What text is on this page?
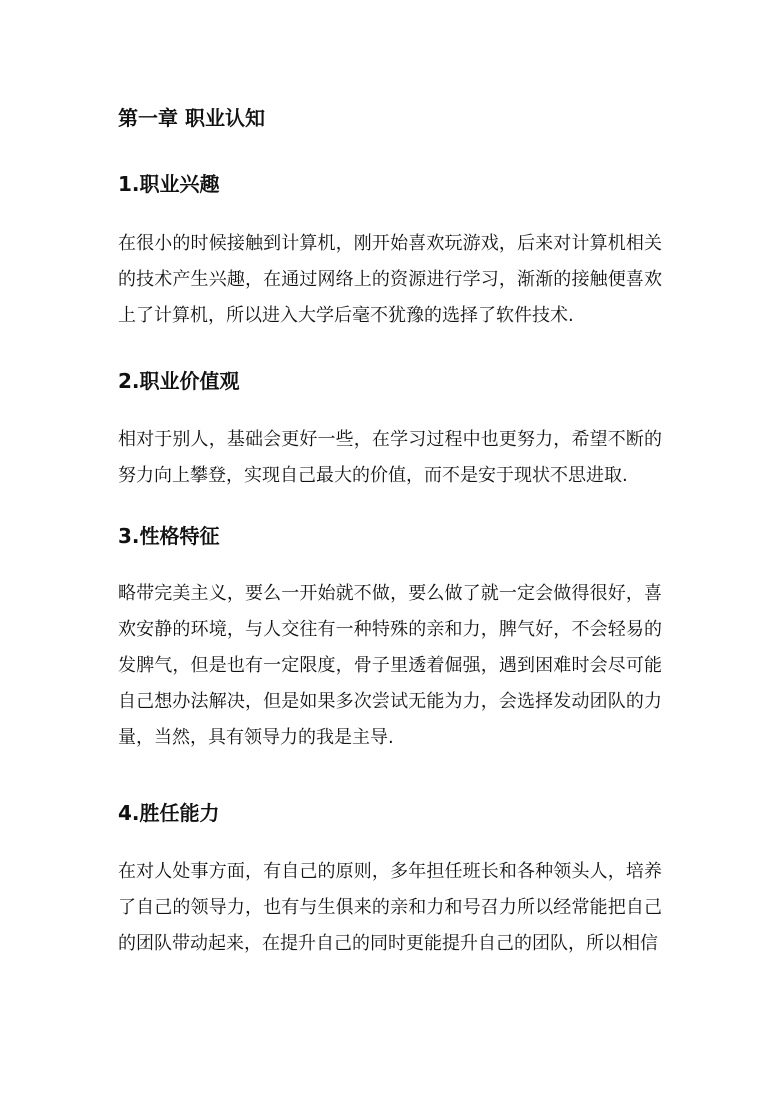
第一章 职业认知
1.职业兴趣
在很小的时候接触到计算机，刚开始喜欢玩游戏，后来对计算机相关的技术产生兴趣，在通过网络上的资源进行学习，渐渐的接触便喜欢上了计算机，所以进入大学后毫不犹豫的选择了软件技术.
2.职业价值观
相对于别人，基础会更好一些，在学习过程中也更努力，希望不断的努力向上攀登，实现自己最大的价值，而不是安于现状不思进取.
3.性格特征
略带完美主义，要么一开始就不做，要么做了就一定会做得很好，喜欢安静的环境，与人交往有一种特殊的亲和力，脾气好，不会轻易的发脾气，但是也有一定限度，骨子里透着倔强，遇到困难时会尽可能自己想办法解决，但是如果多次尝试无能为力，会选择发动团队的力量，当然，具有领导力的我是主导.
4.胜任能力
在对人处事方面，有自己的原则，多年担任班长和各种领头人，培养了自己的领导力，也有与生俱来的亲和力和号召力所以经常能把自己的团队带动起来，在提升自己的同时更能提升自己的团队，所以相信
